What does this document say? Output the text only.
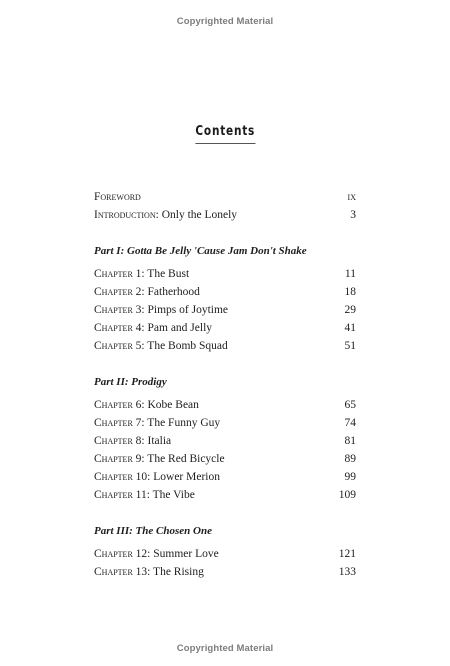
Copyrighted Material
Contents
Foreword	ix
Introduction: Only the Lonely	3
Part I: Gotta Be Jelly 'Cause Jam Don't Shake
Chapter 1: The Bust	11
Chapter 2: Fatherhood	18
Chapter 3: Pimps of Joytime	29
Chapter 4: Pam and Jelly	41
Chapter 5: The Bomb Squad	51
Part II: Prodigy
Chapter 6: Kobe Bean	65
Chapter 7: The Funny Guy	74
Chapter 8: Italia	81
Chapter 9: The Red Bicycle	89
Chapter 10: Lower Merion	99
Chapter 11: The Vibe	109
Part III: The Chosen One
Chapter 12: Summer Love	121
Chapter 13: The Rising	133
Copyrighted Material
